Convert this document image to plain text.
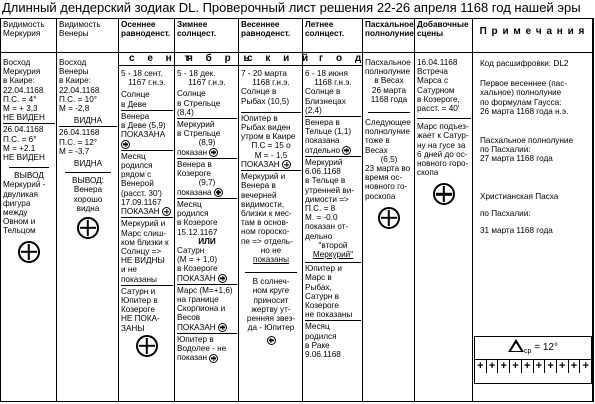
Длинный дендерский зодиак DL. Проверочный лист решения 22-26 апреля 1168 год нашей эры
Видимость Меркурия

Восход

Меркурия

в Каире:

22.04.1168

П.С. = 4°

М = + 3,3

НЕ ВИДЕН

26.04.1168

П.С. = 6°

М = +2.1

НЕ ВИДЕН

ВЫВОД

Меркурий -

двуликая

фигура

между

Овном и

Тельцом

Видимость Венеры

Восход

Венеры

в Каире:

22.04.1168

П.С. = 10°

М = -2,8

ВИДНА

26.04.1168

П.С. = 12°

М = -3,7

ВИДНА

ВЫВОД:

Венера

хорошо

видна

Осеннее равноденст.

5 - 18 сент.

1167 г.н.э.

Солнце

в Деве

Венера

в Деве (5,9)

ПОКАЗАНА

Месяц

родился

рядом с

Венерой

(расст. 30')

17.09.1167

ПОКАЗАН

Меркурий и

Марс слиш-

ком близки к

Солнцу =>

НЕ ВИДНЫ

и не показаны

Сатурн и

Юпитер в

Козероге

НЕ ПОКА-

ЗАНЫ

Зимнее солнцест.

5 - 18 дек.

1167 г.н.э.

Солнце

в Стрельце

(8,4)

Меркурий

в Стрельце

(8,9)

показан

Венера в

Козероге

(9,7)

показана

Месяц

родился

в Козероге

15.12.1167

ИЛИ

Сатурн

(М = + 1,0)

в Козероге

ПОКАЗАН

Марс (М=+1,6)

на границе

Скорпиона и

Весов

ПОКАЗАН

Юпитер в

Водолее - не

показан

Весеннее равноденст.

7 - 20 марта

1168 г.н.э.

Солнце в

Рыбах (10,5)

Юпитер в

Рыбах виден

утром в Каире

П.С = 15 о

М = - 1,5

ПОКАЗАН

Меркурий и

Венера в

вечерней

видимости,

близки к мес-

там в основ-

ном гороско-

пе => отдель-

но не

показаны

В солнеч-

ном круге

приносит

жертву ут-

ренняя звез-

да - Юпитер

Летнее солнцест.

6 - 18 июня

1168 г.н.э.

Солнце в

Близнецах

(2,4)

Венера в

Тельце (1,1)

показана

отдельно

Меркурий

6.06.1168

в Тельце в

утренней ви-

димости =>

П.С. = 8

М. = -0.0

показан от-

дельно

"второй

Меркурий"

Юпитер и

Марс в

Рыбах,

Сатурн в

Козероге

не показаны

Месяц родился

в Раке

9.06.1168

Пасхальное полнолуние

Пасхальное

полнолуние

в Весах

26 марта

1168 года

Следующее

полнолуние

тоже в Весах

(6,5)

23 марта во

время ос-

новного го-

роскопа

Добавочные сцены

16.04.1168

Встреча

Марса с

Сатурном

в Козероге,

расст. = 40'

Марс подъез-

жает к Сатур-

ну на гусе за

6 дней до ос-

новного горо-

скопа

П р и м е ч а н и я

Код расшифровки: DL2

Первое весеннее (пас-

хальное) полнолуние

по формулам Гаусса:

26 марта 1168 года н.э.

Пасхальное полнолуние

по Пасхалии:

27 марта 1168 года

Христианская Пасха

по Пасхалии:

31 марта 1168 года

с е н т
я б р ь
с к и й г о д
$_{cp}$ = 12°
+ + + + + + + + + +
